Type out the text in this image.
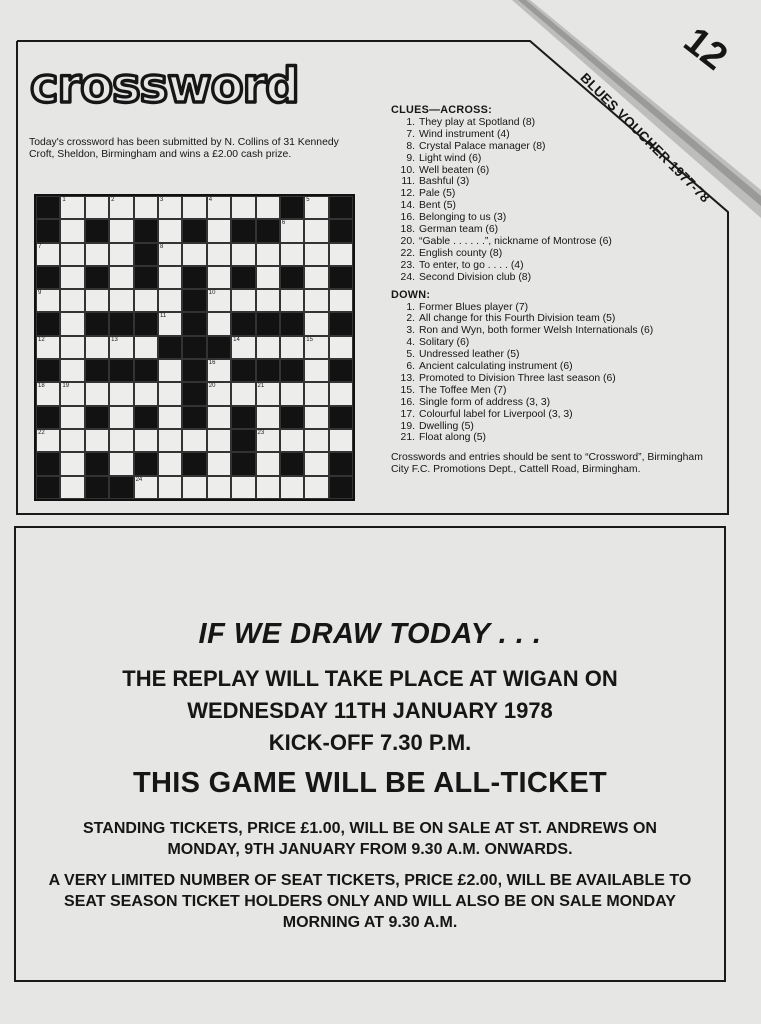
12
BLUES VOUCHER 1977-78
crossword
Today's crossword has been submitted by N. Collins of 31 Kennedy Croft, Sheldon, Birmingham and wins a £2.00 cash prize.
1	2	3	4	5
6
7	8
9	10
11
12	13	14	15
16
18	19	20	21
22	23
24
CLUES—ACROSS:
1. They play at Spotland (8)
7. Wind instrument (4)
8. Crystal Palace manager (8)
9. Light wind (6)
10. Well beaten (6)
11. Bashful (3)
12. Pale (5)
14. Bent (5)
16. Belonging to us (3)
18. German team (6)
20. “Gable . . . . . .”, nickname of Montrose (6)
22. English county (8)
23. To enter, to go . . . . (4)
24. Second Division club (8)
DOWN:
1. Former Blues player (7)
2. All change for this Fourth Division team (5)
3. Ron and Wyn, both former Welsh Internationals (6)
4. Solitary (6)
5. Undressed leather (5)
6. Ancient calculating instrument (6)
13. Promoted to Division Three last season (6)
15. The Toffee Men (7)
16. Single form of address (3, 3)
17. Colourful label for Liverpool (3, 3)
19. Dwelling (5)
21. Float along (5)
Crosswords and entries should be sent to “Crossword”, Birmingham City F.C. Promotions Dept., Cattell Road, Birmingham.
IF WE DRAW TODAY . . .
THE REPLAY WILL TAKE PLACE AT WIGAN ON
WEDNESDAY 11TH JANUARY 1978
KICK-OFF 7.30 P.M.
THIS GAME WILL BE ALL-TICKET
STANDING TICKETS, PRICE £1.00, WILL BE ON SALE AT ST. ANDREWS ON MONDAY, 9TH JANUARY FROM 9.30 A.M. ONWARDS.
A VERY LIMITED NUMBER OF SEAT TICKETS, PRICE £2.00, WILL BE AVAILABLE TO SEAT SEASON TICKET HOLDERS ONLY AND WILL ALSO BE ON SALE MONDAY MORNING AT 9.30 A.M.
